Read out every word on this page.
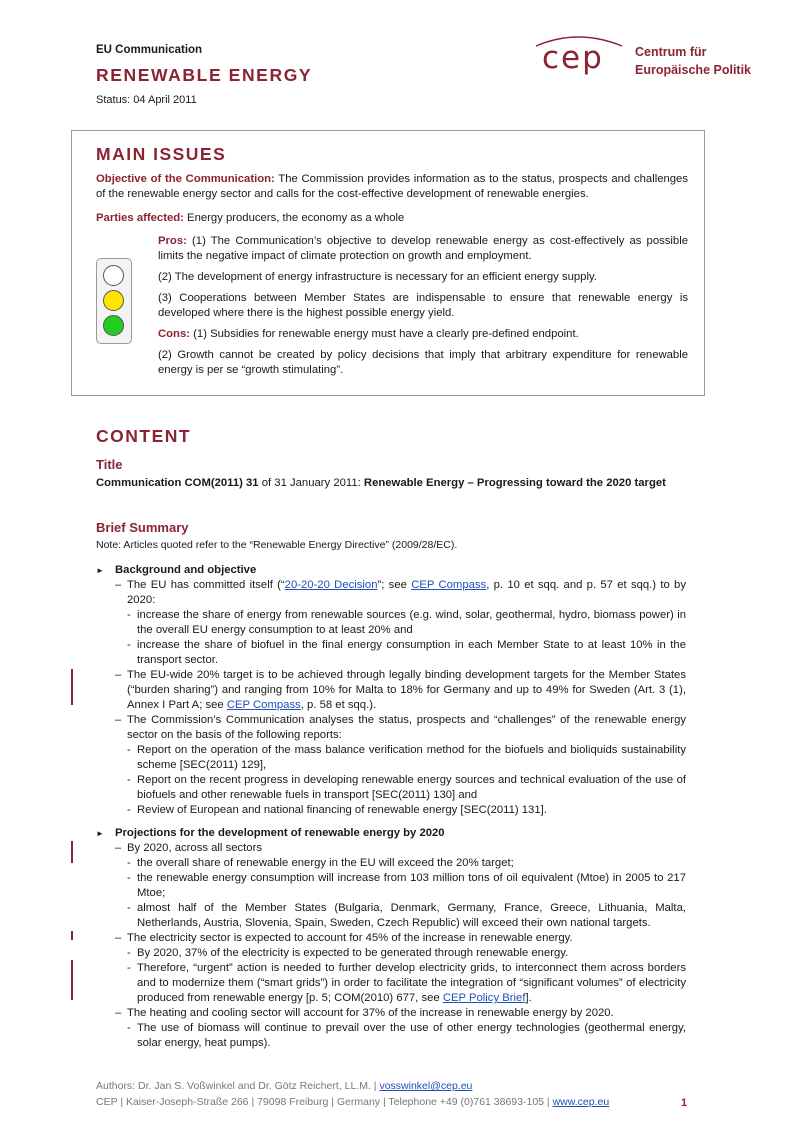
EU Communication
RENEWABLE ENERGY
Status: 04 April 2011
cep Centrum für
Europäische Politik
MAIN ISSUES
Objective of the Communication: The Commission provides information as to the status, prospects and challenges of the renewable energy sector and calls for the cost-effective development of renewable energies.
Parties affected: Energy producers, the economy as a whole

Pros: (1) The Communication’s objective to develop renewable energy as cost-effectively as possible limits the negative impact of climate protection on growth and employment.

(2) The development of energy infrastructure is necessary for an efficient energy supply.

(3) Cooperations between Member States are indispensable to ensure that renewable energy is developed where there is the highest possible energy yield.

Cons: (1) Subsidies for renewable energy must have a clearly pre-defined endpoint.

(2) Growth cannot be created by policy decisions that imply that arbitrary expenditure for renewable energy is per se “growth stimulating”.

CONTENT
Title
Communication COM(2011) 31 of 31 January 2011: Renewable Energy – Progressing toward the 2020 target
Brief Summary
Note: Articles quoted refer to the “Renewable Energy Directive” (2009/28/EC).
► Background and objective
– The EU has committed itself (“20-20-20 Decision”; see CEP Compass, p. 10 et sqq. and p. 57 et sqq.) to by 2020:
- increase the share of energy from renewable sources (e.g. wind, solar, geothermal, hydro, biomass power) in the overall EU energy consumption to at least 20% and
- increase the share of biofuel in the final energy consumption in each Member State to at least 10% in the transport sector.
– The EU-wide 20% target is to be achieved through legally binding development targets for the Member States (“burden sharing”) and ranging from 10% for Malta to 18% for Germany and up to 49% for Sweden (Art. 3 (1), Annex I Part A; see CEP Compass, p. 58 et sqq.).
– The Commission’s Communication analyses the status, prospects and “challenges” of the renewable energy sector on the basis of the following reports:
- Report on the operation of the mass balance verification method for the biofuels and bioliquids sustainability scheme [SEC(2011) 129],
- Report on the recent progress in developing renewable energy sources and technical evaluation of the use of biofuels and other renewable fuels in transport [SEC(2011) 130] and
- Review of European and national financing of renewable energy [SEC(2011) 131].
► Projections for the development of renewable energy by 2020
– By 2020, across all sectors
- the overall share of renewable energy in the EU will exceed the 20% target;
- the renewable energy consumption will increase from 103 million tons of oil equivalent (Mtoe) in 2005 to 217 Mtoe;
- almost half of the Member States (Bulgaria, Denmark, Germany, France, Greece, Lithuania, Malta, Netherlands, Austria, Slovenia, Spain, Sweden, Czech Republic) will exceed their own national targets.
– The electricity sector is expected to account for 45% of the increase in renewable energy.
- By 2020, 37% of the electricity is expected to be generated through renewable energy.
- Therefore, “urgent” action is needed to further develop electricity grids, to interconnect them across borders and to modernize them (“smart grids”) in order to facilitate the integration of “significant volumes” of electricity produced from renewable energy [p. 5; COM(2010) 677, see CEP Policy Brief].
– The heating and cooling sector will account for 37% of the increase in renewable energy by 2020.
- The use of biomass will continue to prevail over the use of other energy technologies (geothermal energy, solar energy, heat pumps).
Authors: Dr. Jan S. Voßwinkel and Dr. Götz Reichert, LL.M. | vosswinkel@cep.eu
CEP | Kaiser-Joseph-Straße 266 | 79098 Freiburg | Germany | Telephone +49 (0)761 38693-105 | www.cep.eu	1
